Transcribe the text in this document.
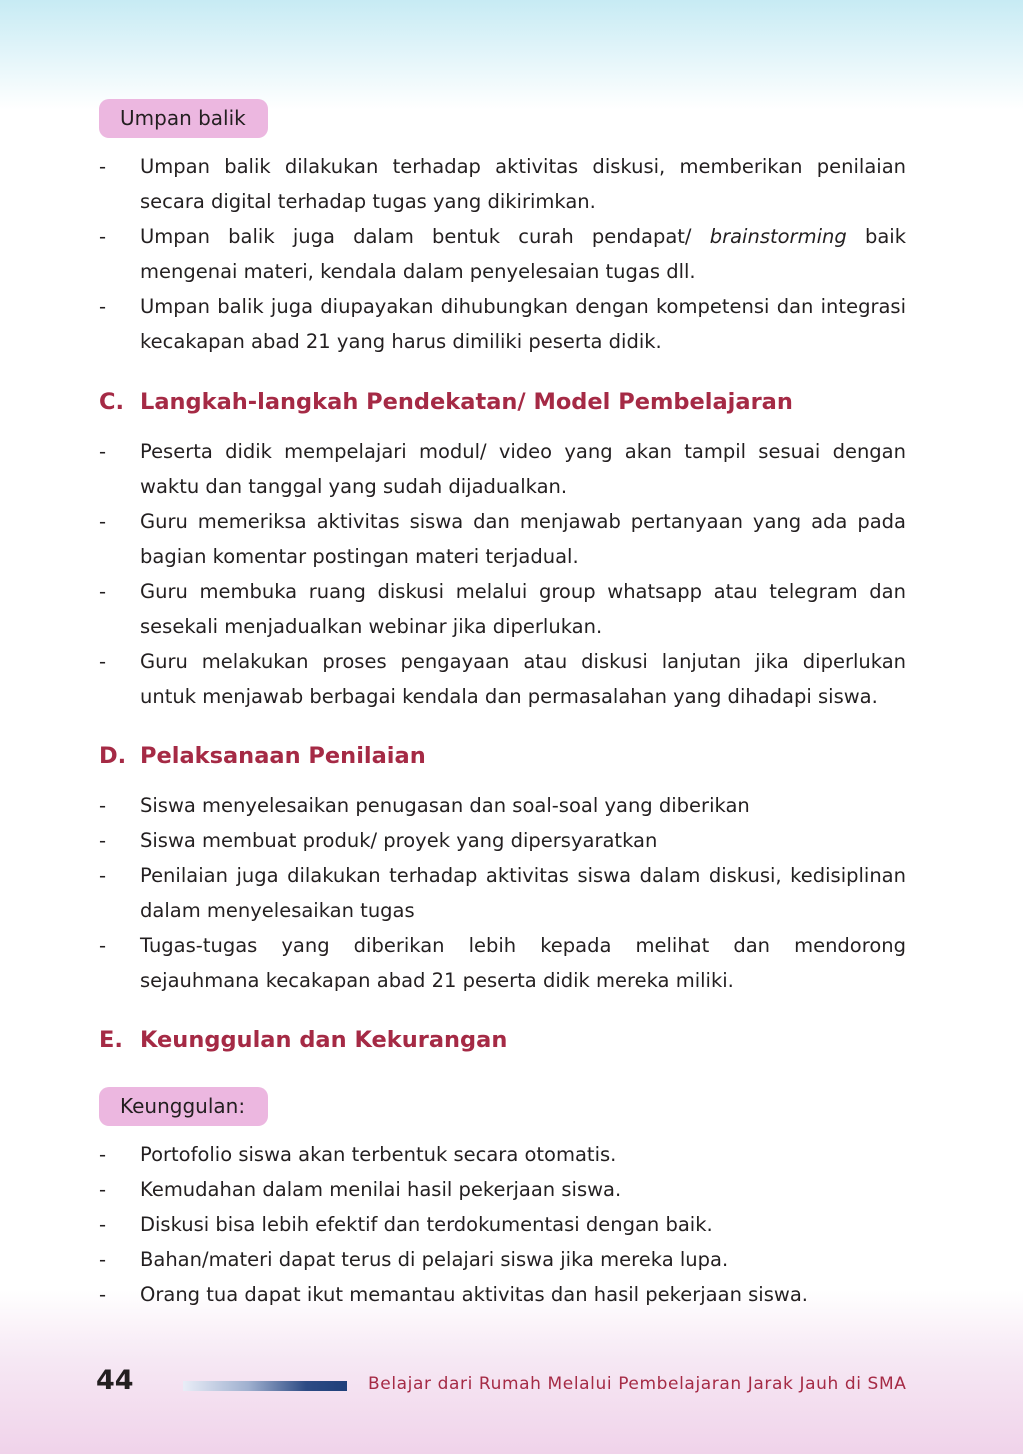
Umpan balik
- Umpan balik dilakukan terhadap aktivitas diskusi, memberikan penilaian secara digital terhadap tugas yang dikirimkan.
- Umpan balik juga dalam bentuk curah pendapat/ brainstorming baik mengenai materi, kendala dalam penyelesaian tugas dll.
- Umpan balik juga diupayakan dihubungkan dengan kompetensi dan integrasi kecakapan abad 21 yang harus dimiliki peserta didik.
C. Langkah-langkah Pendekatan/ Model Pembelajaran
- Peserta didik mempelajari modul/ video yang akan tampil sesuai dengan waktu dan tanggal yang sudah dijadualkan.
- Guru memeriksa aktivitas siswa dan menjawab pertanyaan yang ada pada bagian komentar postingan materi terjadual.
- Guru membuka ruang diskusi melalui group whatsapp atau telegram dan sesekali menjadualkan webinar jika diperlukan.
- Guru melakukan proses pengayaan atau diskusi lanjutan jika diperlukan untuk menjawab berbagai kendala dan permasalahan yang dihadapi siswa.
D. Pelaksanaan Penilaian
- Siswa menyelesaikan penugasan dan soal-soal yang diberikan
- Siswa membuat produk/ proyek yang dipersyaratkan
- Penilaian juga dilakukan terhadap aktivitas siswa dalam diskusi, kedisiplinan dalam menyelesaikan tugas
- Tugas-tugas yang diberikan lebih kepada melihat dan mendorong sejauhmana kecakapan abad 21 peserta didik mereka miliki.
E. Keunggulan dan Kekurangan
Keunggulan:
- Portofolio siswa akan terbentuk secara otomatis.
- Kemudahan dalam menilai hasil pekerjaan siswa.
- Diskusi bisa lebih efektif dan terdokumentasi dengan baik.
- Bahan/materi dapat terus di pelajari siswa jika mereka lupa.
- Orang tua dapat ikut memantau aktivitas dan hasil pekerjaan siswa.
44	Belajar dari Rumah Melalui Pembelajaran Jarak Jauh di SMA
